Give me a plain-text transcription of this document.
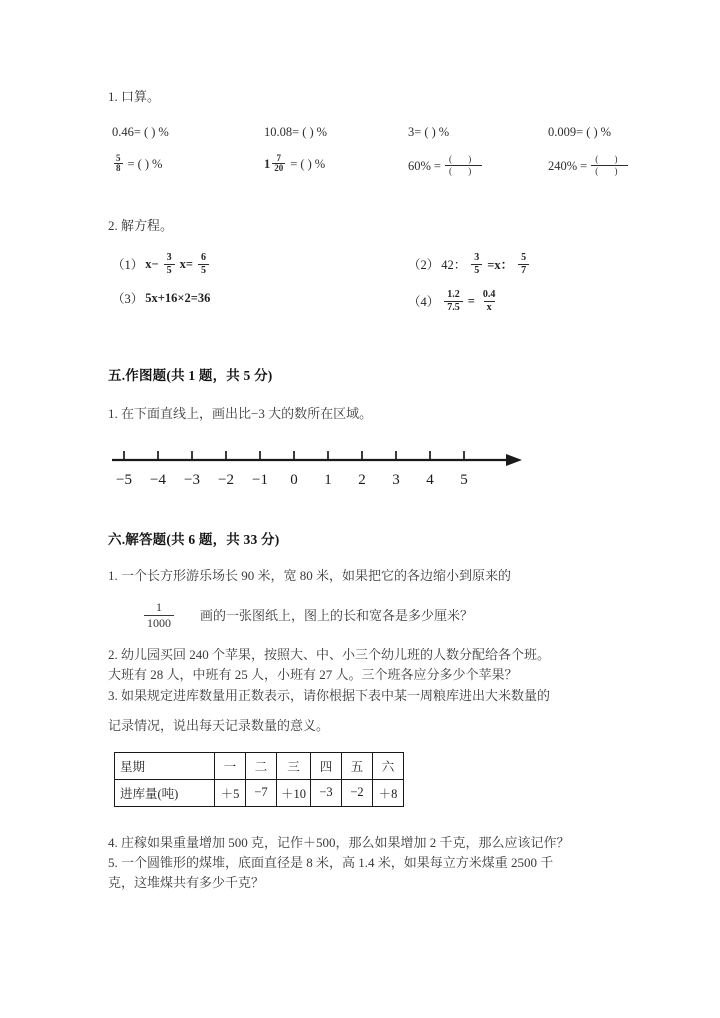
1. 口算。
0.46= ( ) %	10.08= ( ) %	3= ( ) %	0.009= ( ) %
$\frac{5}{8}$ = ( ) %	$1 \frac{7}{20}$ = ( ) %	$60\% = \frac{( )}{( )}$	$240\% = \frac{( )}{( )}$
2. 解方程。
（1） $x- \frac{3}{5} x= \frac{6}{5}$	（2） 42： $\frac{3}{5} =x$： $\frac{5}{7}$
（3） 5x+16×2=36	$(4) \frac{1.2}{7.5} = \frac{0.4}{x}$
五.作图题(共 1 题，共 5 分)
1. 在下面直线上，画出比−3 大的数所在区域。
−5 −4 −3 −2 −1 0 1 2 3 4 5
六.解答题(共 6 题，共 33 分)
1. 一个长方形游乐场长 90 米，宽 80 米，如果把它的各边缩小到原来的
$\frac{1}{1000}$ 画的一张图纸上，图上的长和宽各是多少厘米？
2. 幼儿园买回 240 个苹果，按照大、中、小三个幼儿班的人数分配给各个班。
大班有 28 人，中班有 25 人，小班有 27 人。三个班各应分多少个苹果？
3. 如果规定进库数量用正数表示，请你根据下表中某一周粮库进出大米数量的
记录情况，说出每天记录数量的意义。
星期	一	二	三	四	五	六
进库量(吨)	＋5	−7	＋10	−3	−2	＋8
4. 庄稼如果重量增加 500 克，记作＋500，那么如果增加 2 千克，那么应该记作？
5. 一个圆锥形的煤堆，底面直径是 8 米，高 1.4 米，如果每立方米煤重 2500 千
克，这堆煤共有多少千克？
